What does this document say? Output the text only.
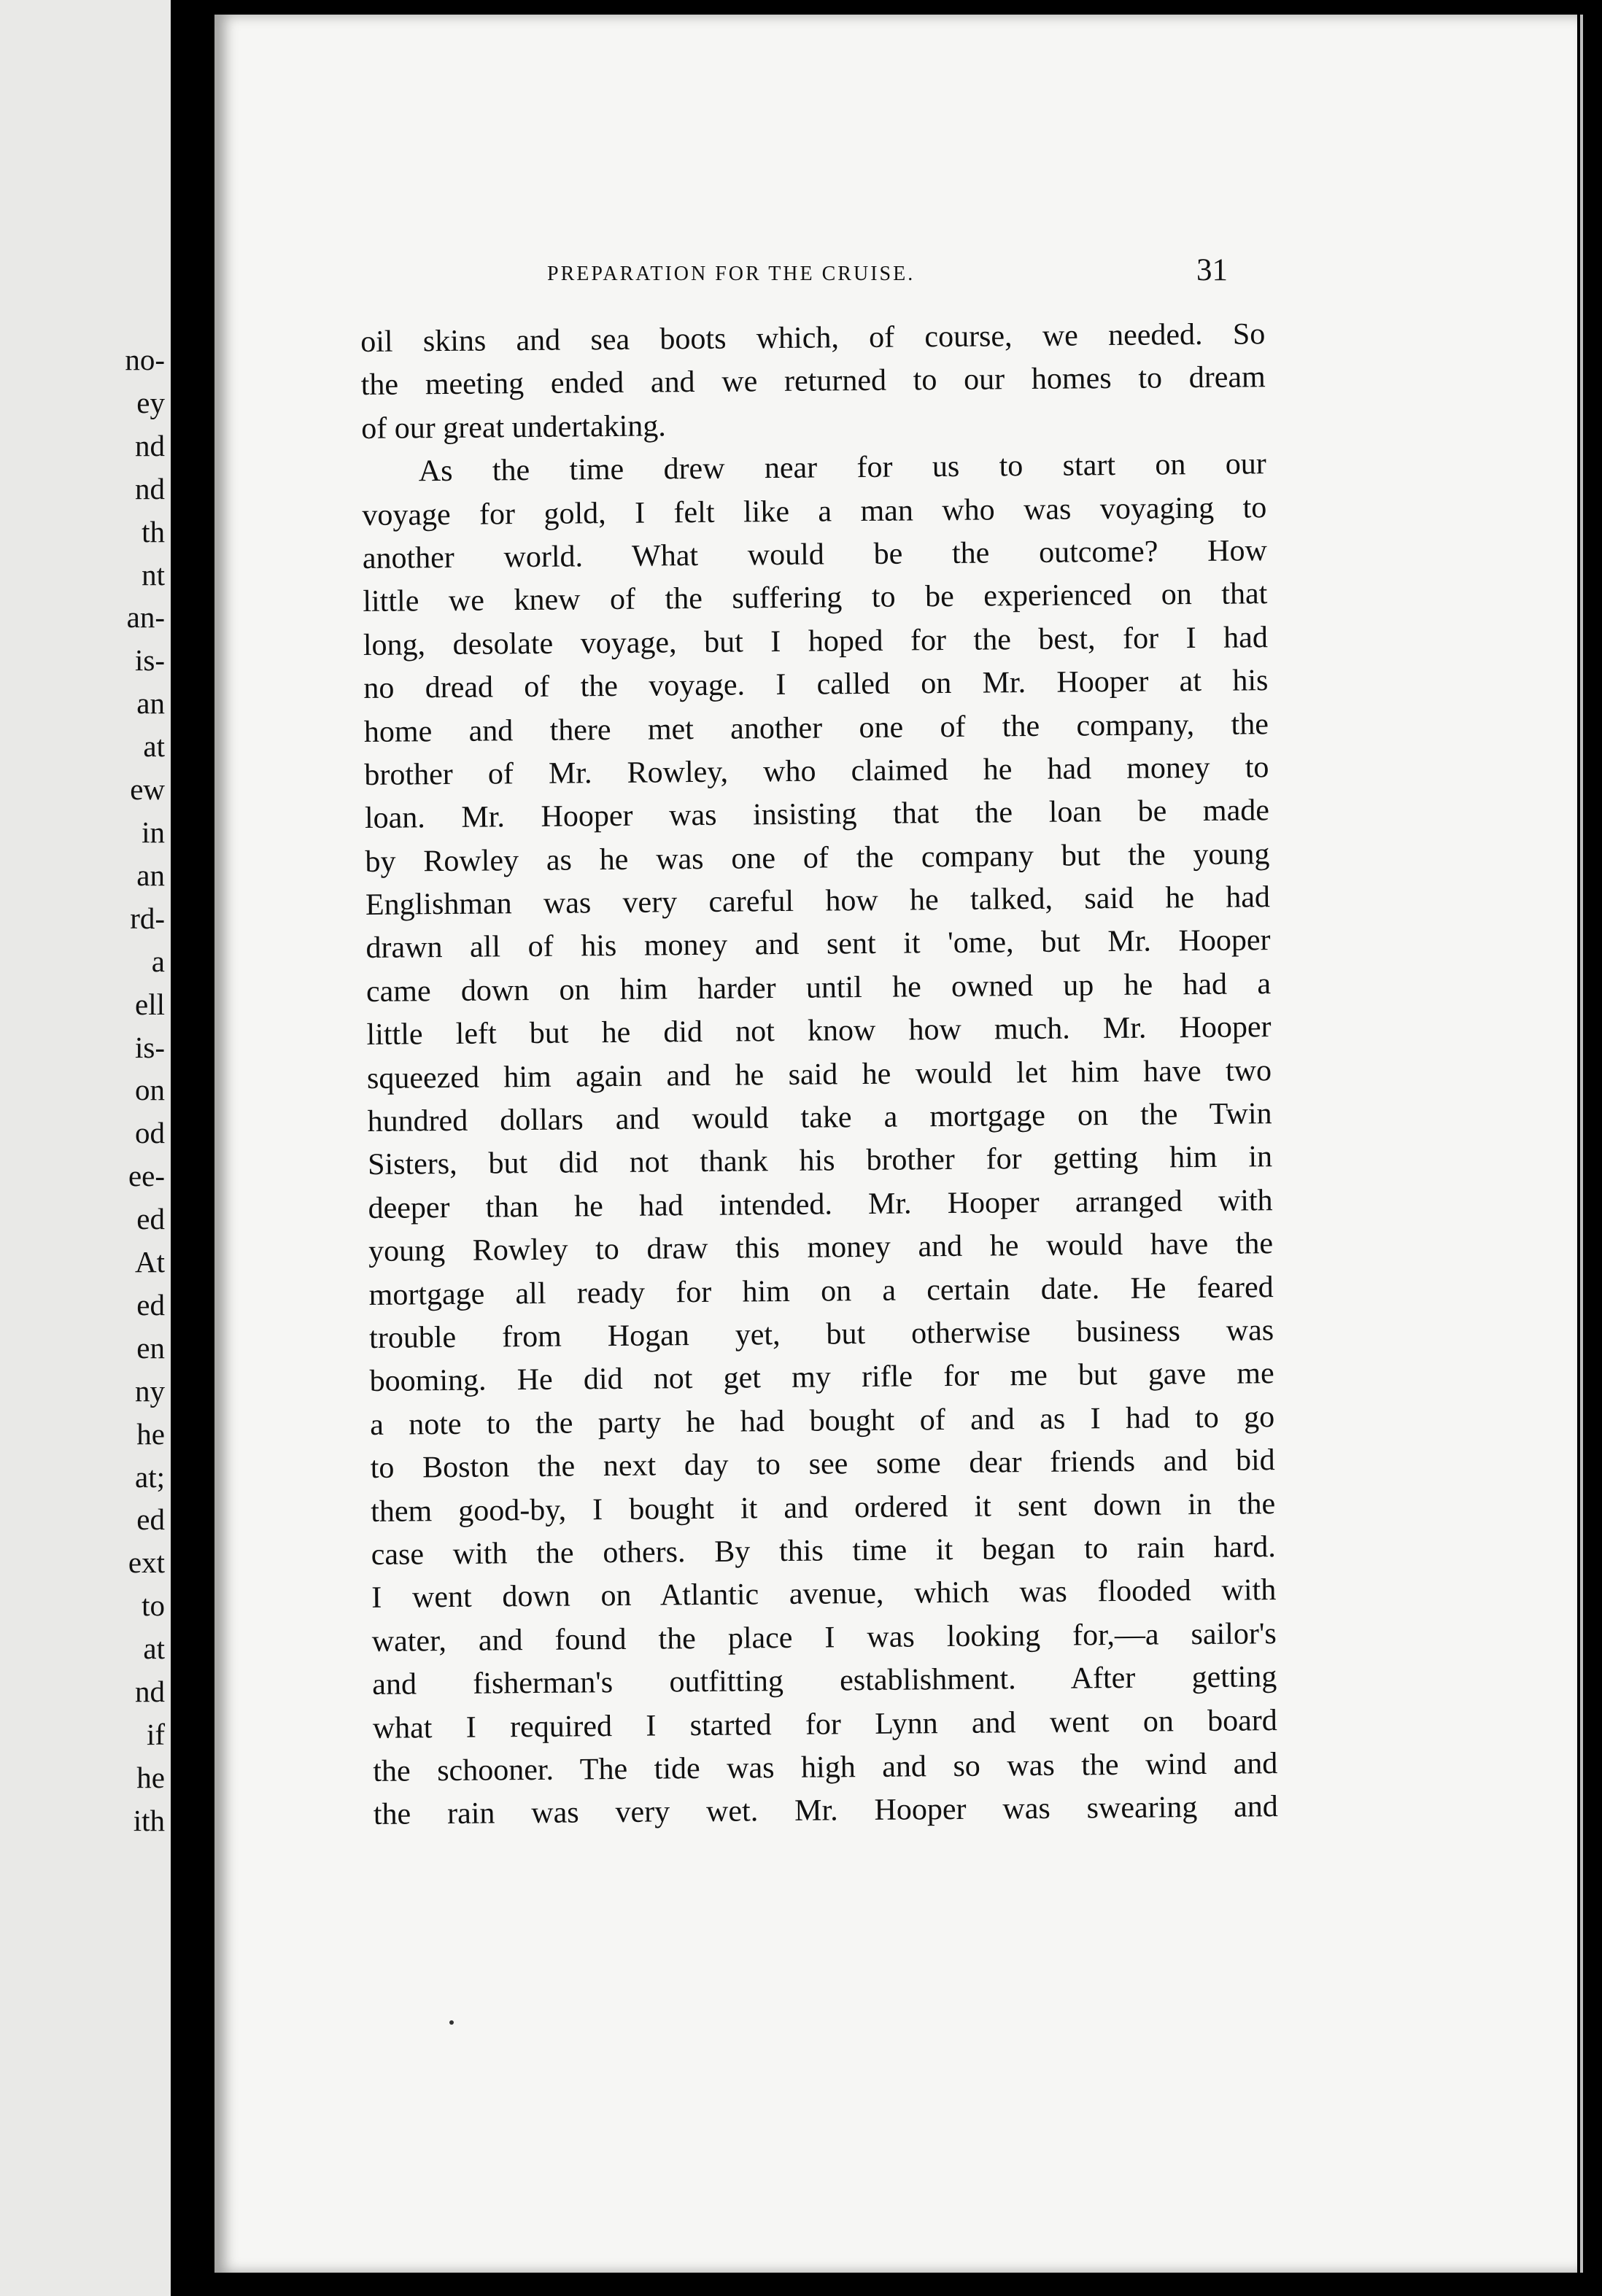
no-
ey
nd
nd
th
nt
an-
is-
an
at
ew
in
an
rd-
a
ell
is-
on
od
ee-
ed
At
ed
en
ny
he
at;
ed
ext
to
at
nd
if
he
ith
PREPARATION FOR THE CRUISE.	31
oil skins and sea boots which, of course, we needed. So
the meeting ended and we returned to our homes to dream
of our great undertaking.
As the time drew near for us to start on our
voyage for gold, I felt like a man who was voyaging to
another world. What would be the outcome? How
little we knew of the suffering to be experienced on that
long, desolate voyage, but I hoped for the best, for I had
no dread of the voyage. I called on Mr. Hooper at his
home and there met another one of the company, the
brother of Mr. Rowley, who claimed he had money to
loan. Mr. Hooper was insisting that the loan be made
by Rowley as he was one of the company but the young
Englishman was very careful how he talked, said he had
drawn all of his money and sent it 'ome, but Mr. Hooper
came down on him harder until he owned up he had a
little left but he did not know how much. Mr. Hooper
squeezed him again and he said he would let him have two
hundred dollars and would take a mortgage on the Twin
Sisters, but did not thank his brother for getting him in
deeper than he had intended. Mr. Hooper arranged with
young Rowley to draw this money and he would have the
mortgage all ready for him on a certain date. He feared
trouble from Hogan yet, but otherwise business was
booming. He did not get my rifle for me but gave me
a note to the party he had bought of and as I had to go
to Boston the next day to see some dear friends and bid
them good-by, I bought it and ordered it sent down in the
case with the others. By this time it began to rain hard.
I went down on Atlantic avenue, which was flooded with
water, and found the place I was looking for,—a sailor's
and fisherman's outfitting establishment. After getting
what I required I started for Lynn and went on board
the schooner. The tide was high and so was the wind and
the rain was very wet. Mr. Hooper was swearing and
